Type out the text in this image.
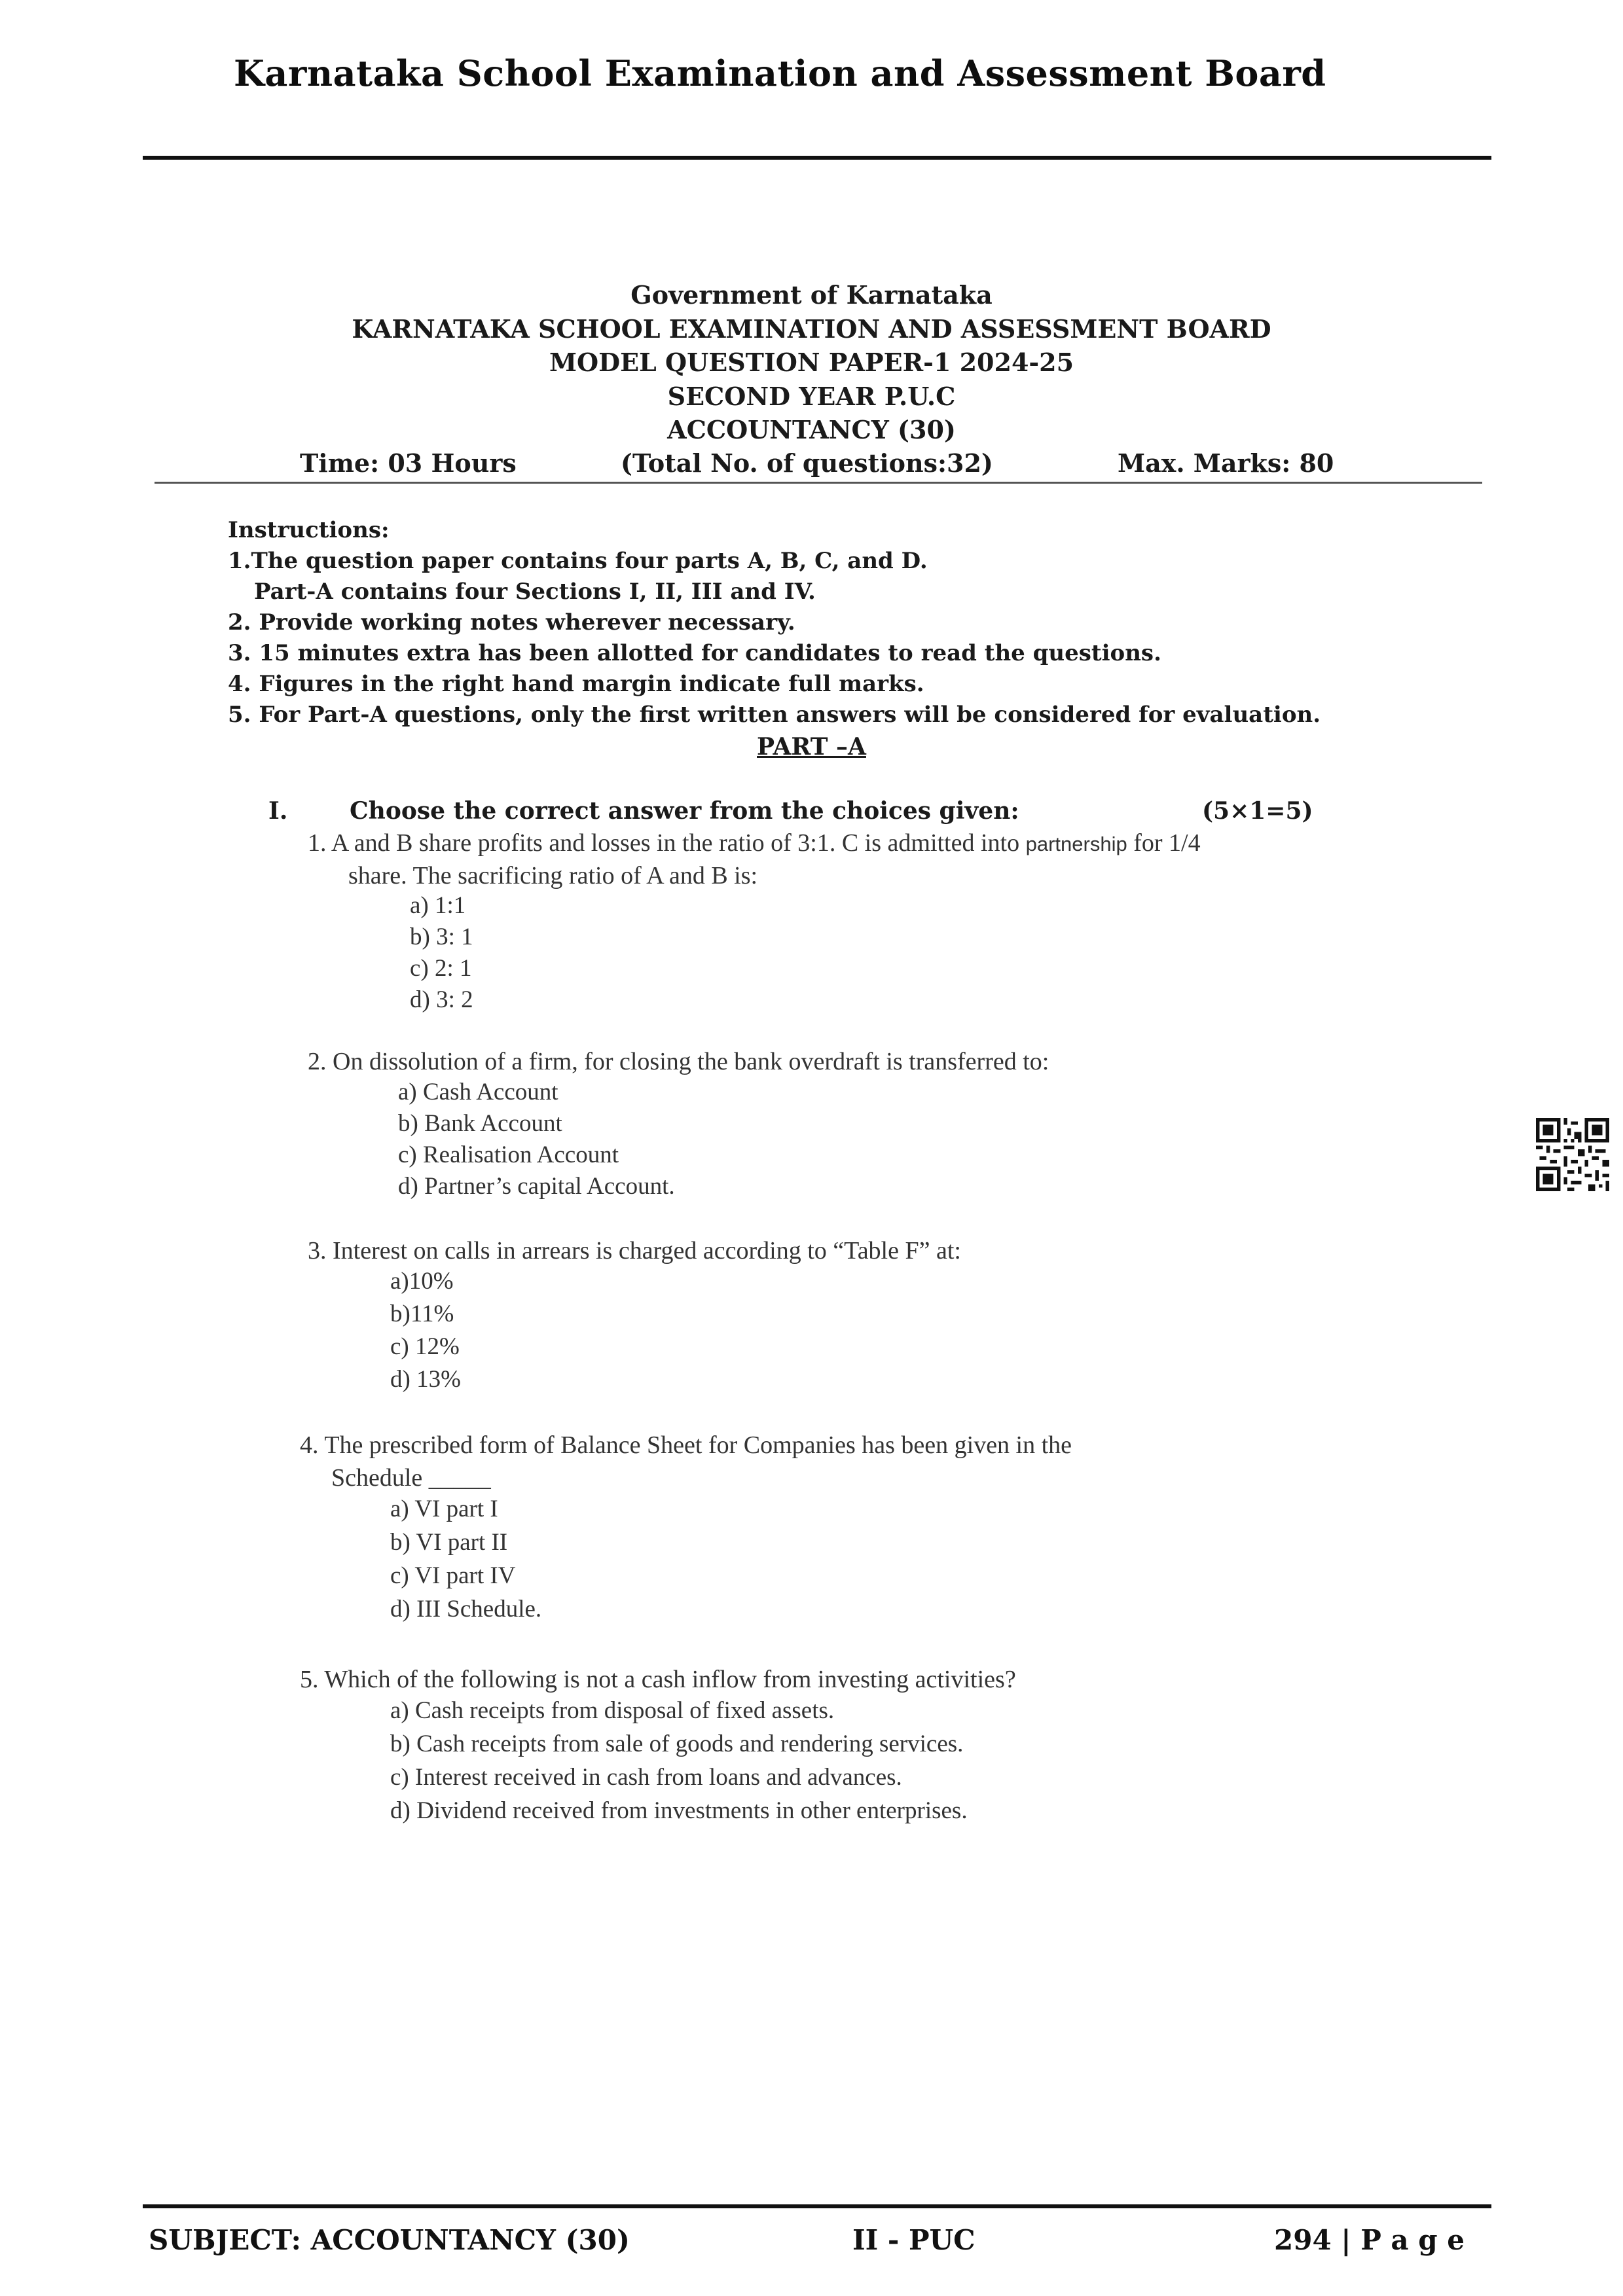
Karnataka School Examination and Assessment Board
Government of Karnataka
KARNATAKA SCHOOL EXAMINATION AND ASSESSMENT BOARD
MODEL QUESTION PAPER-1 2024-25
SECOND YEAR P.U.C
ACCOUNTANCY (30)
Time: 03 Hours	(Total No. of questions:32)	Max. Marks: 80
Instructions:
1.The question paper contains four parts A, B, C, and D.
Part-A contains four Sections I, II, III and IV.
2. Provide working notes wherever necessary.
3. 15 minutes extra has been allotted for candidates to read the questions.
4. Figures in the right hand margin indicate full marks.
5. For Part-A questions, only the first written answers will be considered for evaluation.
PART –A
I.	Choose the correct answer from the choices given:	(5×1=5)
1. A and B share profits and losses in the ratio of 3:1. C is admitted into partnership for 1/4
share. The sacrificing ratio of A and B is:
a) 1:1
b) 3: 1
c) 2: 1
d) 3: 2
2. On dissolution of a firm, for closing the bank overdraft is transferred to:
a) Cash Account
b) Bank Account
c) Realisation Account
d) Partner’s capital Account.
3. Interest on calls in arrears is charged according to “Table F” at:
a)10%
b)11%
c) 12%
d) 13%
4. The prescribed form of Balance Sheet for Companies has been given in the
Schedule _____
a) VI part I
b) VI part II
c) VI part IV
d) III Schedule.
5. Which of the following is not a cash inflow from investing activities?
a) Cash receipts from disposal of fixed assets.
b) Cash receipts from sale of goods and rendering services.
c) Interest received in cash from loans and advances.
d) Dividend received from investments in other enterprises.
SUBJECT: ACCOUNTANCY (30)	II - PUC	294 | P a g e
